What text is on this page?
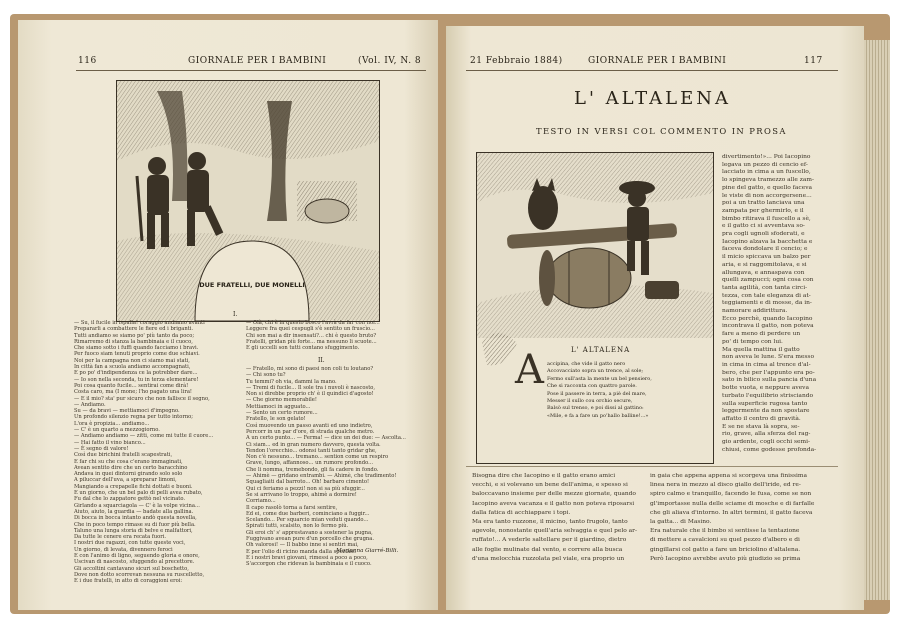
116	GIORNALE PER I BAMBINI	(Vol. IV, N. 8
DUE FRATELLI, DUE MONELLI
I.
— Su, il fucile in ispalla! coraggio andiamo avanti
Prepararli a combattere le fiere ed i briganti.
Tutti andiamo se siamo po' più tanto da poco;
Rimarremo di stanza la bambinaia e il cuoco,
Che siamo sotto i fuffi quando facciamo i bravi.
Per fuoco siam tenuti proprio come due schiavi.
Noi per la campagna non ci siamo mai stati,
In città fan a scuola andiamo accompagnati,
E po po' d'indipendenza ce la potrebber dare...
— Io son nella seconda, tu in terza elementare!
Poi cosa quanto fucile... sentirai come dirà!
Costa caro, ma (I mone; l'ho pagato una lira!
— E il mio? sta' pur sicuro che non fallisce il segno,
— Andiamo.
Su — da bravi — mettiamoci d'impegno.
Un profondo silenzio regna per tutto intorno;
L'ora è propizia... andiamo...
— C' è un quarto a mezzogiorno.
— Andiamo andiamo — zitti, come mi tutte il cuore...
— Hai fatto il vino bianco...
— È segno di valore!
Così due birichini fratelli scapestrati,
E far chi su che cosa c'erano immaginati,
Avean sentito dire che un certo baracchino
Andava in quei dintorni girando solo solo
A piluccar dell'uva, a spreparar limoni,
Mangiando a crepapelle fichi dottati e buoni.
E un giorno, che un bel palo di pelli avea rubato,
Fu dal che lo zappatore gettò nel vicinato.
Girlando a squarciagola — C' è la volpe vicina...
Aiuto, aiuto, la guardia — badate alla gallina.
Di bocca in bocca intanto andò questa novella,
Che in poco tempo rimase su di fuor più bella.
Taluno una lunga storia di belve e malfattori,
Da tutte le cenere era recata fuori.
I nostri due ragazzi, con tutte queste voci,
Un giorno, di levata, divennero feroci
E con l'animo di ligno, seguendo gloria e onore,
Uscivan di nascosto, sfuggendo al precettore.
Gli accoltini cantavano sicuri sul boschetto,
Dove non dotto scorrevan nessuna su ruscelletto,
E i due fratelli, in atto di coraggioni eroi:
— Olà, chi è in questo bosco l'avrà da far con noi...
Leggere fra quei cespugli s'è sentito un fruscìo...
Chi son mai a dir insensati?... chi è questo bruto?
Fratelli, gridan più forte... ma nessuno li scuote...
E gli uccelli son tutti contano sfuggimento.
II.
— Fratello, mi sono di paesi non coli tu loutano?
— Chi sono tu?
Tu temmi? oh via, dammi la mano.
— Tremi di fucile... Il sole tra i nuvoli è nascosto,
Non si direbbe proprio ch' è il quindici d'agosto!
— Che giorno memorabile!
Mettiamoci in agguato...
— Sento un certo rumore...
Fratello, le son gelato!
Così muovendo un passo avanti ed uno indietro,
Percorr in un par d'ore, di strada qualche metro.
A un certo punto... — Ferma! — dice un dei due: — Ascolta...
Ci siam... ed in gran numero davvero, questa volta.
Tendon l'orecchio... odonsi tanti tanto gridar ghe,
Non c'è nessuno... tremano... sention come un respiro
Grave, lungo, affannoso... un rumore profondo...
Che li nomma, tremebondo, gli fa cadere in fondo.
— Ahimè — gridano entrambi. — Ahimè, che tradimento!
Squagliaiti dal barroto... Oh! barbaro cimento!
Qui ci feriamo a pezzi! non si sa più sfuggir...
Se si arrivano lo troppo, ahimè a dormire!
Corriamo...
Il capo rasolò torna a farsi sentire,
Ed ei, come due barberi, cominciano a fuggir...
Scelando... Per squarcio mian veduti quando...
Spirati tutti, scalsito, non lo fermo più.
Gli eroi ch' s' apprestavano a sostener la pugna,
Fuggivano avean pure d'un porcello che grugna.
Oh valorosi! — Il babbo inne si sentiri mai,
E per l'olio di ricino manda dalla speziale.
E i nostri bravi giovani, rimessi a poco a poco,
S'accorgon che ridevan la bambinaia e il cuoco.
Marianna Giarré-Billi.
21 Febbraio 1884)	GIORNALE PER I BAMBINI	117
L' ALTALENA
TESTO IN VERSI COL COMMENTO IN PROSA
A	L' ALTALENA
accipina, che vide il gatto nero
Accovacciato sopra un trence, al sole;
Fermo sull'asta la mente un bel pensiero,
Che si racconta con quattro parole.
Pose il passere in terra, a piè del mare,
Messer il sullo cou orchio secure,
Balsò sul trenso, e poi dissi al gattino:
«Mile, e fa a fare un po'hallo balline!...»
divertimento!»... Poi Iacopino
legava un pezzo di cencio ef-
lacciato in cima a un fuscello,
lo spingeva tramezzo alle zam-
pine del gatto, e quello faceva
le viste di non accorgersene...
poi a un tratto lanciava una
zampata per ghermirlo, e il
bimbo ritirava il fuscello a sè,
e il gatto ci si avventava so-
pra cogli ugnoli sfoderati, e
Iacopino alzava la bacchetta e
faceva dondolare il cencio; e
il micio spiccava un balzo per
aria, e si raggomitolava, e si
allungava, e annaspava con
quelli zampucci; ogni cosa con
tanta agilità, con tanta circi-
tezza, con tale eleganza di at-
teggiamenti e di mosse, da in-
namorare addirittura.
Ecco perchè, quando Iacopino
incontrava il gatto, non poteva
fare a meno di perdere un
po' di tempo con lui.
Ma quella mattina il gatto
non aveva le lune. S'era messo
in cima in cima al trence d'al-
bero, che per l'appunto era po-
sato in bilico sulla pancia d'una
botte vuota, e neppure aveva
turbato l'equilibrio strisciando
sulla superficie rugosa tanto
leggermente da non spostare
affatto il centro di gravità.
E se ne stava là sopra, se-
rio, grave, alla sferza del rag-
gio ardente, cogli occhi semi-
chiusi, come godesse profonda-
Bisogna dire che Iacopino e il gatto erano amici
vecchi, e si volevano un bene dell'anima, e spesso si
baloccavano insieme per delle mezze giornate, quando
Iacopino aveva vacanza e il gatto non poteva riposarsi
dalla fatica di acchiappare i topi.
Ma era tanto ruzzone, il micino, tanto frugolo, tanto
agevole, nonostante quell'aria selvaggia e quel pelo ar-
ruffato!... A vederle saltellare per il giardino, dietro
alle foglie mulinate dal vento, e correre alla busca
d'una melocchia ruzzolata pel viale, era proprio un
in gaia che appena appena si scorgeva una finissima
linea nera in mezzo al disco giallo dell'iride, ed re-
spiro calmo e tranquillo, facendo le fusa, come se non
gl'importasse nulla delle sciame di mosche e di farfalle
che gli aliava d'intorno. In altri termini, il gatto faceva
la gatta... di Masino.
Era naturale che il bimbo si sentisse la tentazione
di mettere a cavalcioni su quel pezzo d'albero e di
gingillarsi col gatto a fare un briciolino d'altalena.
Però Iacopino avrebbe avuto più giudizio se prima
